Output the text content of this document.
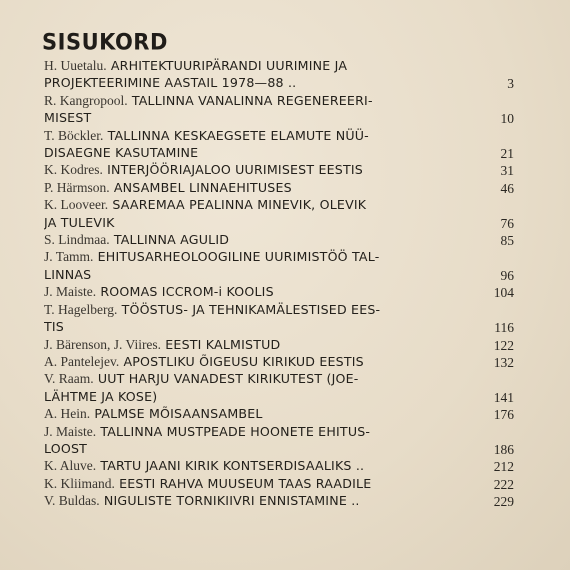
SISUKORD
H. Uuetalu. ARHITEKTUURIPÄRANDI UURIMINE JA
PROJEKTEERIMINE AASTAIL 1978—88 ..	3
R. Kangropool. TALLINNA VANALINNA REGENEREERI-
MISEST	10
T. Böckler. TALLINNA KESKAEGSETE ELAMUTE NÜÜ-
DISAEGNE KASUTAMINE	21
K. Kodres. INTERJÖÖRIAJALOO UURIMISEST EESTIS	31
P. Härmson. ANSAMBEL LINNAEHITUSES	46
K. Looveer. SAAREMAA PEALINNA MINEVIK, OLEVIK
JA TULEVIK	76
S. Lindmaa. TALLINNA AGULID	85
J. Tamm. EHITUSARHEOLOOGILINE UURIMISTÖÖ TAL-
LINNAS	96
J. Maiste. ROOMAS ICCROM-i KOOLIS	104
T. Hagelberg. TÖÖSTUS- JA TEHNIKAMÄLESTISED EES-
TIS	116
J. Bärenson, J. Viires. EESTI KALMISTUD	122
A. Pantelejev. APOSTLIKU ÕIGEUSU KIRIKUD EESTIS	132
V. Raam. UUT HARJU VANADEST KIRIKUTEST (JOE-
LÄHTME JA KOSE)	141
A. Hein. PALMSE MÕISAANSAMBEL	176
J. Maiste. TALLINNA MUSTPEADE HOONETE EHITUS-
LOOST	186
K. Aluve. TARTU JAANI KIRIK KONTSERDISAALIKS ..	212
K. Kliimand. EESTI RAHVA MUUSEUM TAAS RAADILE	222
V. Buldas. NIGULISTE TORNIKIIVRI ENNISTAMINE ..	229
